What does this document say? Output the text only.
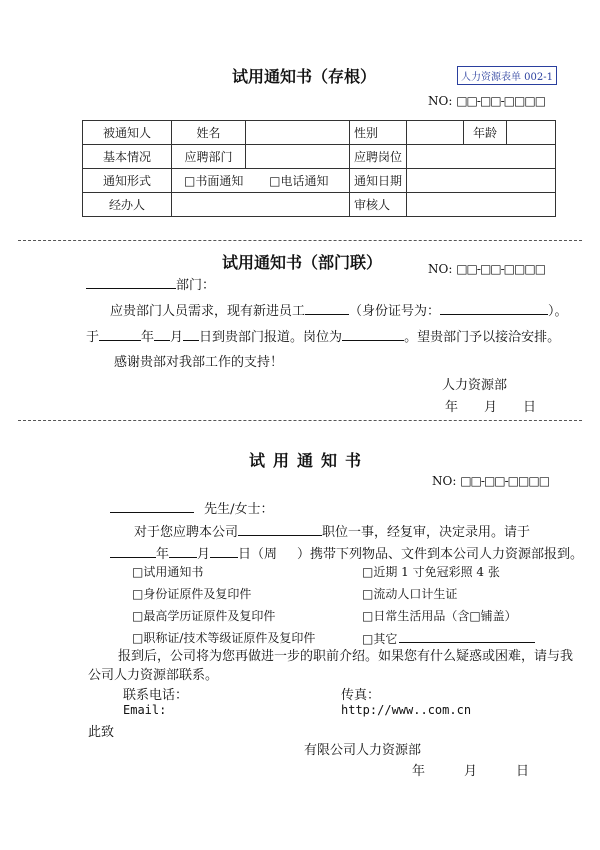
试用通知书（存根）	人力资源表单 002-1
NO: □□-□□-□□□□
被通知人	姓名		性别		年龄	
基本情况	应聘部门		应聘岗位			
通知形式	□书面通知 □电话通知		通知日期			
经办人			审核人			
试用通知书（部门联）	NO: □□-□□-□□□□
部门：
应贵部门人员需求，现有新进员工	（身份证号为：	）。
于	年 月 日到贵部门报道。岗位为	。望贵部门予以接洽安排。
感谢贵部对我部工作的支持！
人力资源部
年　　月　　日
试用通知书
NO: □□-□□-□□□□
先生/女士：
对于您应聘本公司	职位一事，经复审，决定录用。请于
年 月 日（周 ）携带下列物品、文件到本公司人力资源部报到。
□试用通知书	□近期 1 寸免冠彩照 4 张
□身份证原件及复印件	□流动人口计生证
□最高学历证原件及复印件	□日常生活用品（含□铺盖）
□职称证/技术等级证原件及复印件	□其它
报到后，公司将为您再做进一步的职前介绍。如果您有什么疑惑或困难，请与我
公司人力资源部联系。
联系电话：	传真：
Email:	http://www..com.cn
此致
有限公司人力资源部
年　　　月　　　日
